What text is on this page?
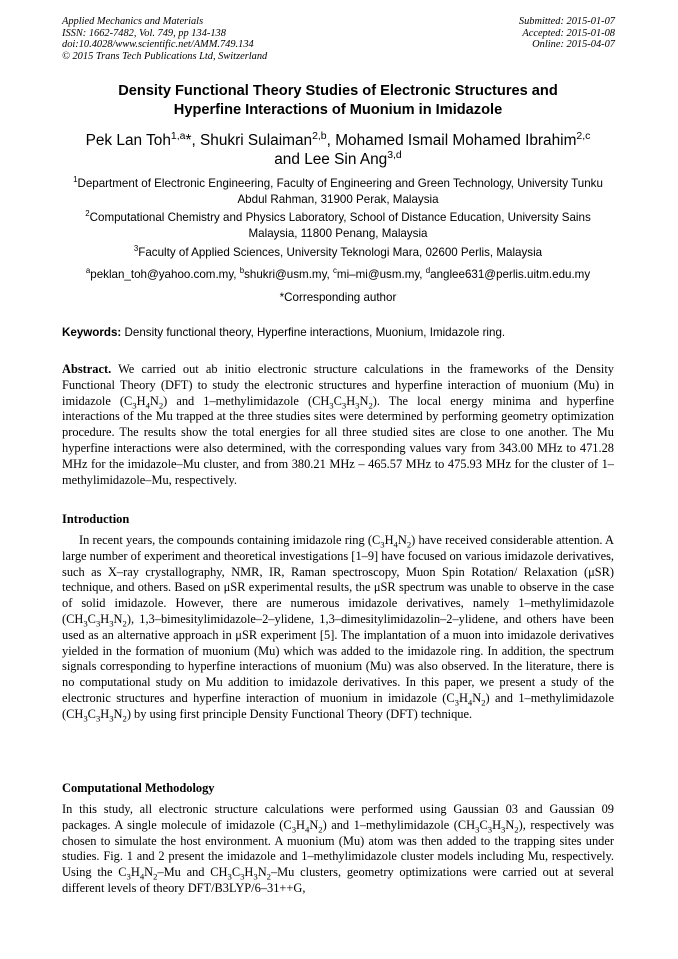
Applied Mechanics and Materials
ISSN: 1662-7482, Vol. 749, pp 134-138
doi:10.4028/www.scientific.net/AMM.749.134
© 2015 Trans Tech Publications Ltd, Switzerland
Submitted: 2015-01-07
Accepted: 2015-01-08
Online: 2015-04-07
Density Functional Theory Studies of Electronic Structures and
Hyperfine Interactions of Muonium in Imidazole
Pek Lan Toh$^{1,a}$*, Shukri Sulaiman$^{2,b}$, Mohamed Ismail Mohamed Ibrahim$^{2,c}$
and Lee Sin Ang$^{3,d}$
$^1$Department of Electronic Engineering, Faculty of Engineering and Green Technology, University Tunku Abdul Rahman, 31900 Perak, Malaysia
$^2$Computational Chemistry and Physics Laboratory, School of Distance Education, University Sains Malaysia, 11800 Penang, Malaysia
$^3$Faculty of Applied Sciences, University Teknologi Mara, 02600 Perlis, Malaysia
$^a$peklan_toh@yahoo.com.my, $^b$shukri@usm.my, $^c$mi–mi@usm.my, $^d$anglee631@perlis.uitm.edu.my
*Corresponding author
Keywords: Density functional theory, Hyperfine interactions, Muonium, Imidazole ring.
Abstract. We carried out ab initio electronic structure calculations in the frameworks of the Density Functional Theory (DFT) to study the electronic structures and hyperfine interaction of muonium (Mu) in imidazole $(C_3H_4N_2)$ and 1–methylimidazole $(CH_3C_3H_3N_2)$. The local energy minima and hyperfine interactions of the Mu trapped at the three studies sites were determined by performing geometry optimization procedure. The results show the total energies for all three studied sites are close to one another. The Mu hyperfine interactions were also determined, with the corresponding values vary from 343.00 MHz to 471.28 MHz for the imidazole–Mu cluster, and from 380.21 MHz – 465.57 MHz to 475.93 MHz for the cluster of 1–methylimidazole–Mu, respectively.
Introduction
In recent years, the compounds containing imidazole ring $(C_3H_4N_2)$ have received considerable attention. A large number of experiment and theoretical investigations [1–9] have focused on various imidazole derivatives, such as X–ray crystallography, NMR, IR, Raman spectroscopy, Muon Spin Rotation/ Relaxation (μSR) technique, and others. Based on μSR experimental results, the μSR spectrum was unable to observe in the case of solid imidazole. However, there are numerous imidazole derivatives, namely 1–methylimidazole $(CH_3C_3H_3N_2)$, 1,3–bimesitylimidazole–2–ylidene, 1,3–dimesitylimidazolin–2–ylidene, and others have been used as an alternative approach in μSR experiment [5]. The implantation of a muon into imidazole derivatives yielded in the formation of muonium (Mu) which was added to the imidazole ring. In addition, the spectrum signals corresponding to hyperfine interactions of muonium (Mu) was also observed. In the literature, there is no computational study on Mu addition to imidazole derivatives. In this paper, we present a study of the electronic structures and hyperfine interaction of muonium in imidazole $(C_3H_4N_2)$ and 1–methylimidazole $(CH_3C_3H_3N_2)$ by using first principle Density Functional Theory (DFT) technique.
Computational Methodology
In this study, all electronic structure calculations were performed using Gaussian 03 and Gaussian 09 packages. A single molecule of imidazole $(C_3H_4N_2)$ and 1–methylimidazole $(CH_3C_3H_3N_2)$, respectively was chosen to simulate the host environment. A muonium (Mu) atom was then added to the trapping sites under studies. Fig. 1 and 2 present the imidazole and 1–methylimidazole cluster models including Mu, respectively. Using the $C_3H_4N_2-Mu$ and $CH_3C_3H_3N_2-Mu$ clusters, geometry optimizations were carried out at several different levels of theory DFT/B3LYP/6–31++G,
